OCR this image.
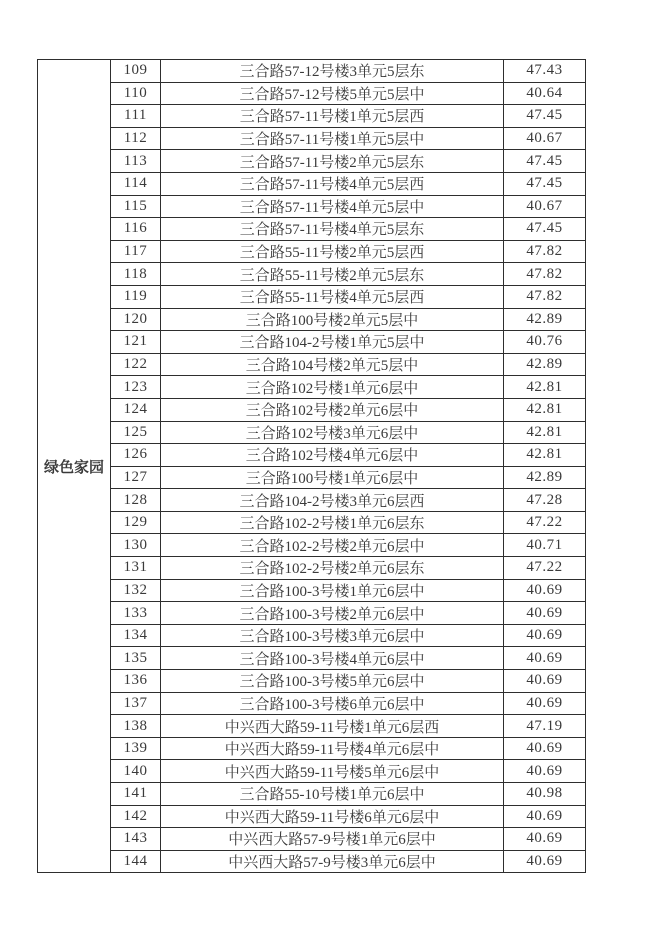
绿色家园	109	三合路57-12号楼3单元5层东	47.43
	110	三合路57-12号楼5单元5层中	40.64
	111	三合路57-11号楼1单元5层西	47.45
	112	三合路57-11号楼1单元5层中	40.67
	113	三合路57-11号楼2单元5层东	47.45
	114	三合路57-11号楼4单元5层西	47.45
	115	三合路57-11号楼4单元5层中	40.67
	116	三合路57-11号楼4单元5层东	47.45
	117	三合路55-11号楼2单元5层西	47.82
	118	三合路55-11号楼2单元5层东	47.82
	119	三合路55-11号楼4单元5层西	47.82
	120	三合路100号楼2单元5层中	42.89
	121	三合路104-2号楼1单元5层中	40.76
	122	三合路104号楼2单元5层中	42.89
	123	三合路102号楼1单元6层中	42.81
	124	三合路102号楼2单元6层中	42.81
	125	三合路102号楼3单元6层中	42.81
	126	三合路102号楼4单元6层中	42.81
	127	三合路100号楼1单元6层中	42.89
	128	三合路104-2号楼3单元6层西	47.28
	129	三合路102-2号楼1单元6层东	47.22
	130	三合路102-2号楼2单元6层中	40.71
	131	三合路102-2号楼2单元6层东	47.22
	132	三合路100-3号楼1单元6层中	40.69
	133	三合路100-3号楼2单元6层中	40.69
	134	三合路100-3号楼3单元6层中	40.69
	135	三合路100-3号楼4单元6层中	40.69
	136	三合路100-3号楼5单元6层中	40.69
	137	三合路100-3号楼6单元6层中	40.69
	138	中兴西大路59-11号楼1单元6层西	47.19
	139	中兴西大路59-11号楼4单元6层中	40.69
	140	中兴西大路59-11号楼5单元6层中	40.69
	141	三合路55-10号楼1单元6层中	40.98
	142	中兴西大路59-11号楼6单元6层中	40.69
	143	中兴西大路57-9号楼1单元6层中	40.69
	144	中兴西大路57-9号楼3单元6层中	40.69
